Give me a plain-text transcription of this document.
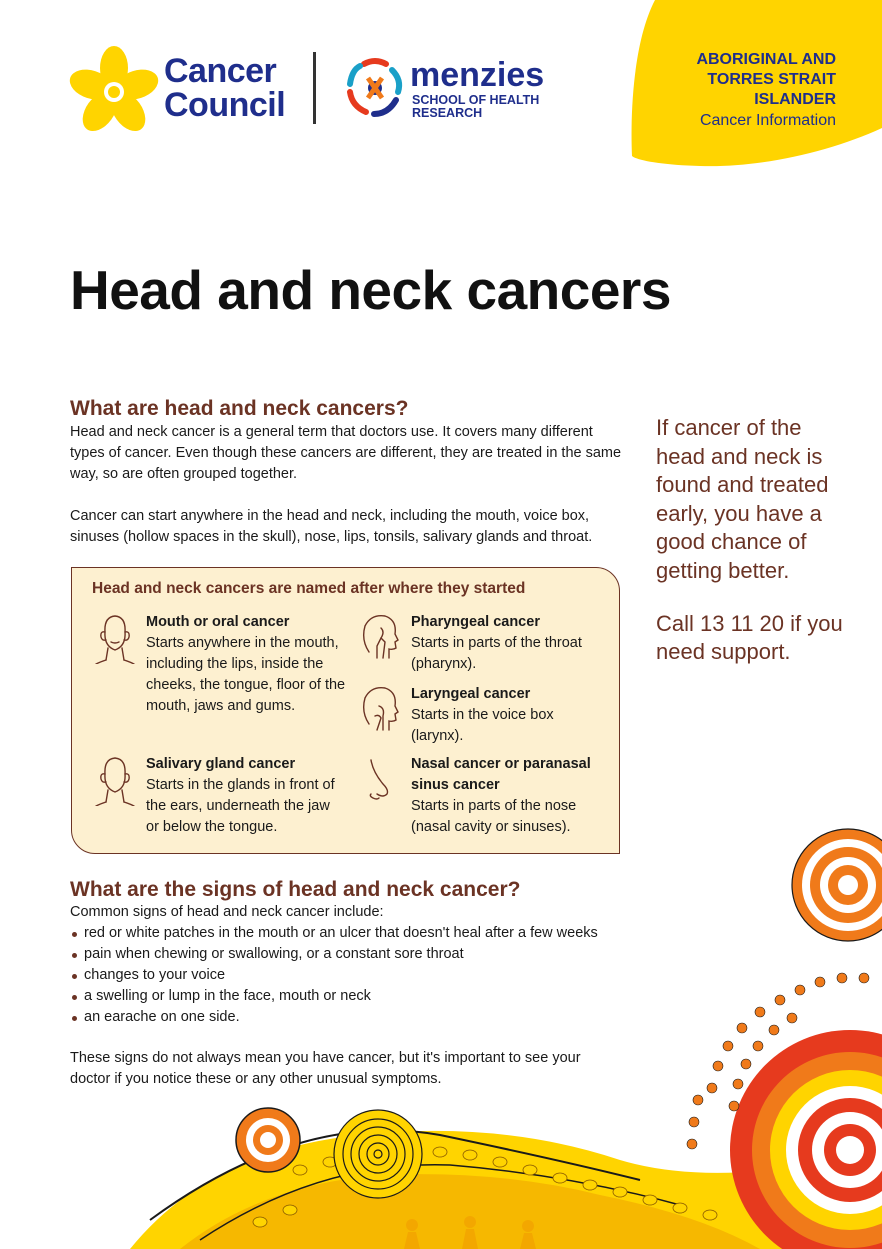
Cancer Council
menzies
SCHOOL OF HEALTH RESEARCH
ABORIGINAL AND
TORRES STRAIT
ISLANDER
Cancer Information
Head and neck cancers
What are head and neck cancers?

Head and neck cancer is a general term that doctors use. It covers many different types of cancer. Even though these cancers are different, they are treated in the same way, so are often grouped together.

Cancer can start anywhere in the head and neck, including the mouth, voice box, sinuses (hollow spaces in the skull), nose, lips, tonsils, salivary glands and throat.

If cancer of the head and neck is found and treated early, you have a good chance of getting better.

Call 13 11 20 if you need support.

Head and neck cancers are named after where they started
Mouth or oral cancer
Starts anywhere in the mouth, including the lips, inside the cheeks, the tongue, floor of the mouth, jaws and gums.
Pharyngeal cancer
Starts in parts of the throat (pharynx).
Laryngeal cancer
Starts in the voice box (larynx).
Salivary gland cancer
Starts in the glands in front of the ears, underneath the jaw or below the tongue.
Nasal cancer or paranasal sinus cancer
Starts in parts of the nose (nasal cavity or sinuses).
What are the signs of head and neck cancer?

Common signs of head and neck cancer include:

red or white patches in the mouth or an ulcer that doesn't heal after a few weeks
pain when chewing or swallowing, or a constant sore throat
changes to your voice
a swelling or lump in the face, mouth or neck
an earache on one side.

These signs do not always mean you have cancer, but it's important to see your doctor if you notice these or any other unusual symptoms.
